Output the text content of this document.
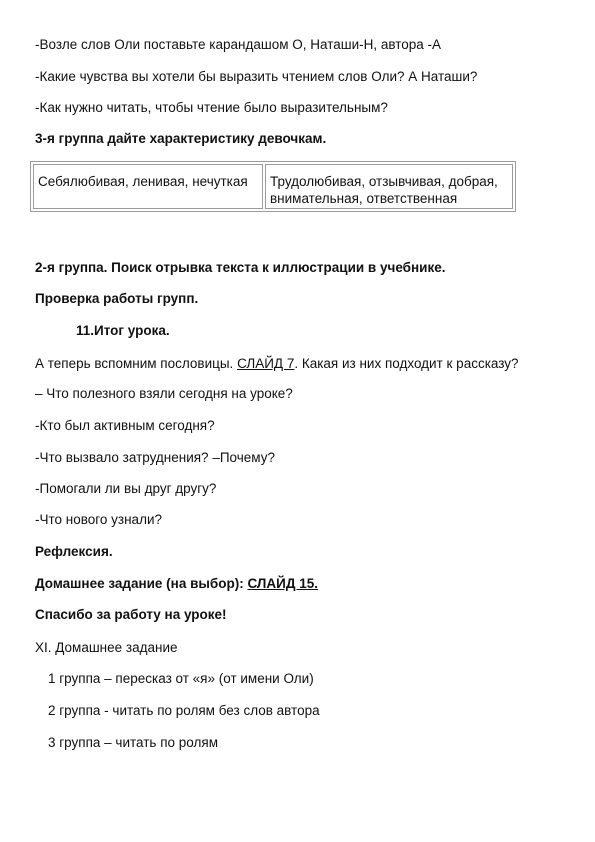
-Возле слов Оли поставьте карандашом О, Наташи-Н, автора -А
-Какие чувства вы хотели бы выразить чтением слов Оли? А Наташи?
-Как нужно читать, чтобы чтение было выразительным?
3-я группа дайте характеристику девочкам.
Себялюбивая, ленивая, нечуткая	Трудолюбивая, отзывчивая, добрая,
внимательная, ответственная
2-я группа. Поиск отрывка текста к иллюстрации в учебнике.
Проверка работы групп.
11.Итог урока.
А теперь вспомним пословицы. СЛАЙД 7. Какая из них подходит к рассказу?
– Что полезного взяли сегодня на уроке?
-Кто был активным сегодня?
-Что вызвало затруднения? –Почему?
-Помогали ли вы друг другу?
-Что нового узнали?
Рефлексия.
Домашнее задание (на выбор): СЛАЙД 15.
Спасибо за работу на уроке!
XI. Домашнее задание
1 группа – пересказ от «я» (от имени Оли)
2 группа - читать по ролям без слов автора
3 группа – читать по ролям
